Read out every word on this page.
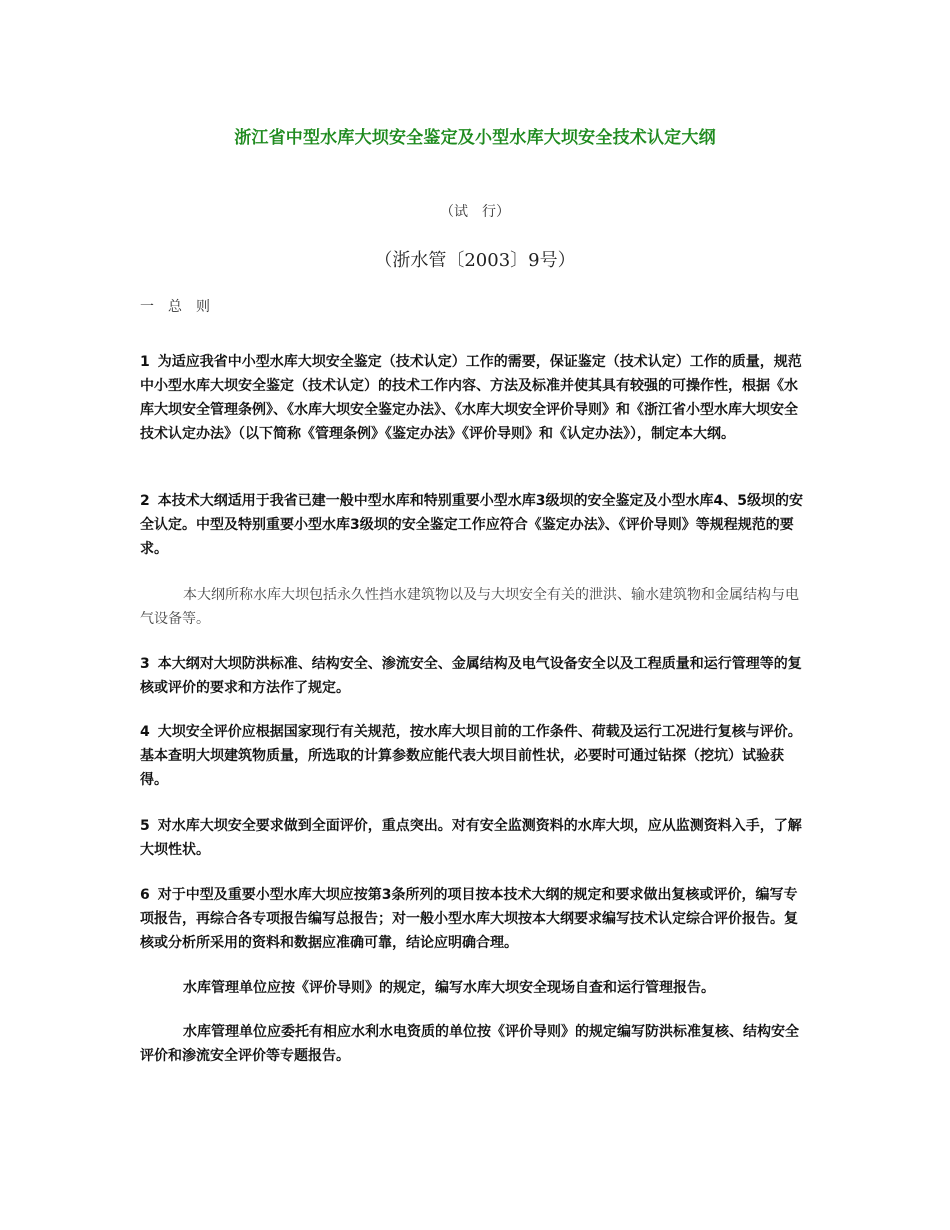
浙江省中型水库大坝安全鉴定及小型水库大坝安全技术认定大纲
（试　行）
（浙水管〔2003〕9号）
一　总　则
1 为适应我省中小型水库大坝安全鉴定（技术认定）工作的需要，保证鉴定（技术认定）工作的质量，规范中小型水库大坝安全鉴定（技术认定）的技术工作内容、方法及标准并使其具有较强的可操作性，根据《水库大坝安全管理条例》、《水库大坝安全鉴定办法》、《水库大坝安全评价导则》和《浙江省小型水库大坝安全技术认定办法》（以下简称《管理条例》《鉴定办法》《评价导则》和《认定办法》），制定本大纲。
2 本技术大纲适用于我省已建一般中型水库和特别重要小型水库3级坝的安全鉴定及小型水库4、5级坝的安全认定。中型及特别重要小型水库3级坝的安全鉴定工作应符合《鉴定办法》、《评价导则》等规程规范的要求。
本大纲所称水库大坝包括永久性挡水建筑物以及与大坝安全有关的泄洪、输水建筑物和金属结构与电气设备等。
3 本大纲对大坝防洪标准、结构安全、渗流安全、金属结构及电气设备安全以及工程质量和运行管理等的复核或评价的要求和方法作了规定。
4 大坝安全评价应根据国家现行有关规范，按水库大坝目前的工作条件、荷载及运行工况进行复核与评价。基本查明大坝建筑物质量，所选取的计算参数应能代表大坝目前性状，必要时可通过钻探（挖坑）试验获得。
5 对水库大坝安全要求做到全面评价，重点突出。对有安全监测资料的水库大坝，应从监测资料入手，了解大坝性状。
6 对于中型及重要小型水库大坝应按第3条所列的项目按本技术大纲的规定和要求做出复核或评价，编写专项报告，再综合各专项报告编写总报告；对一般小型水库大坝按本大纲要求编写技术认定综合评价报告。复核或分析所采用的资料和数据应准确可靠，结论应明确合理。
水库管理单位应按《评价导则》的规定，编写水库大坝安全现场自查和运行管理报告。
水库管理单位应委托有相应水利水电资质的单位按《评价导则》的规定编写防洪标准复核、结构安全评价和渗流安全评价等专题报告。
